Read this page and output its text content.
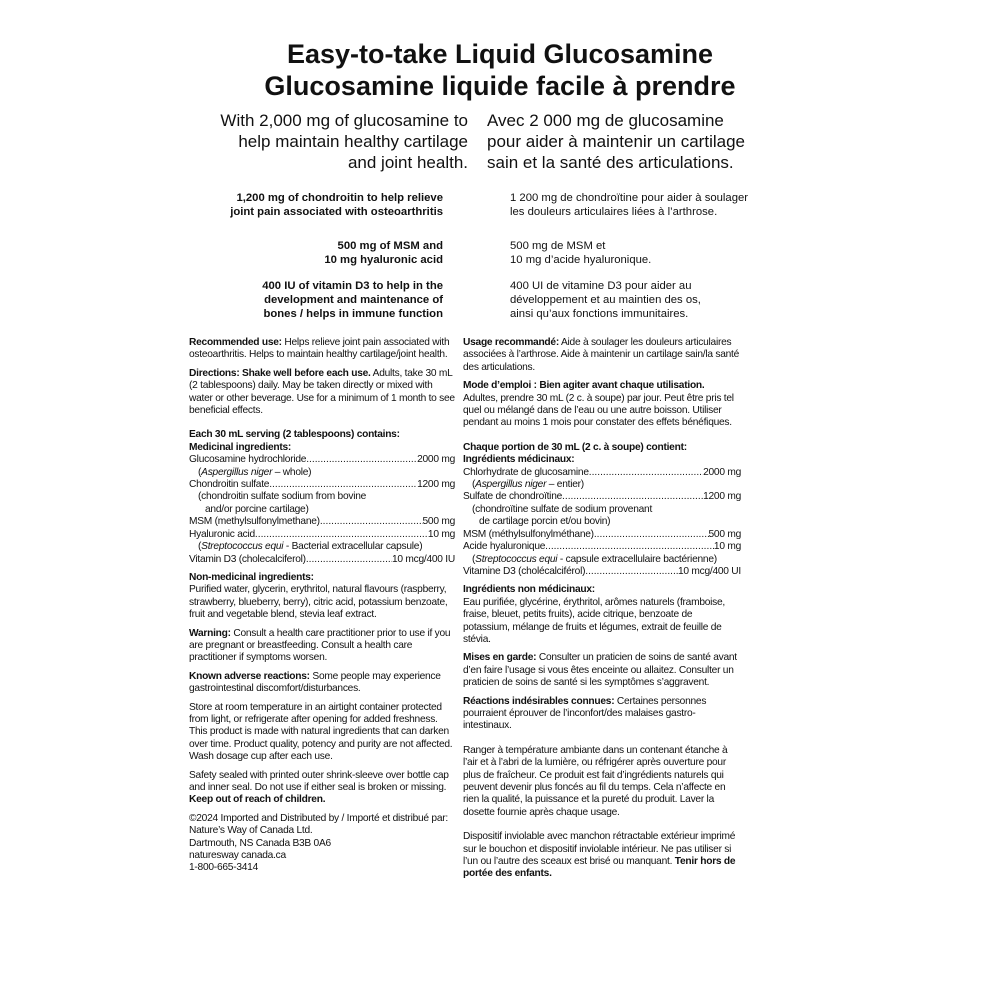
Easy-to-take Liquid Glucosamine

Glucosamine liquide facile à prendre

With 2,000 mg of glucosamine to
help maintain healthy cartilage
and joint health.

Avec 2 000 mg de glucosamine
pour aider à maintenir un cartilage
sain et la santé des articulations.

1,200 mg of chondroitin to help relieve
joint pain associated with osteoarthritis

500 mg of MSM and
10 mg hyaluronic acid

400 IU of vitamin D3 to help in the
development and maintenance of
bones / helps in immune function

1 200 mg de chondroïtine pour aider à soulager
les douleurs articulaires liées à l’arthrose.

500 mg de MSM et
10 mg d’acide hyaluronique.

400 UI de vitamine D3 pour aider au
développement et au maintien des os,
ainsi qu’aux fonctions immunitaires.

Recommended use: Helps relieve joint pain associated with osteoarthritis. Helps to maintain healthy cartilage/joint health.

Directions: Shake well before each use. Adults, take 30 mL (2 tablespoons) daily. May be taken directly or mixed with water or other beverage. Use for a minimum of 1 month to see beneficial effects.

Each 30 mL serving (2 tablespoons) contains:
Medicinal ingredients:
Glucosamine hydrochloride .....	2000 mg
(Aspergillus niger – whole)
Chondroitin sulfate .....	1200 mg
(chondroitin sulfate sodium from bovine
and/or porcine cartilage)
MSM (methylsulfonylmethane) .....	500 mg
Hyaluronic acid .....	10 mg
(Streptococcus equi - Bacterial extracellular capsule)
Vitamin D3 (cholecalciferol) .....	10 mcg/400 IU

Non-medicinal ingredients:
Purified water, glycerin, erythritol, natural flavours (raspberry, strawberry, blueberry, berry), citric acid, potassium benzoate, fruit and vegetable blend, stevia leaf extract.

Warning: Consult a health care practitioner prior to use if you are pregnant or breastfeeding. Consult a health care practitioner if symptoms worsen.

Known adverse reactions: Some people may experience gastrointestinal discomfort/disturbances.

Store at room temperature in an airtight container protected from light, or refrigerate after opening for added freshness. This product is made with natural ingredients that can darken over time. Product quality, potency and purity are not affected. Wash dosage cup after each use.

Safety sealed with printed outer shrink-sleeve over bottle cap and inner seal. Do not use if either seal is broken or missing. Keep out of reach of children.

©2024 Imported and Distributed by / Importé et distribué par:
Nature’s Way of Canada Ltd.
Dartmouth, NS Canada B3B 0A6
naturesway canada.ca
1-800-665-3414

Usage recommandé: Aide à soulager les douleurs articulaires associées à l’arthrose. Aide à maintenir un cartilage sain/la santé des articulations.

Mode d’emploi : Bien agiter avant chaque utilisation. Adultes, prendre 30 mL (2 c. à soupe) par jour. Peut être pris tel quel ou mélangé dans de l’eau ou une autre boisson. Utiliser pendant au moins 1 mois pour constater des effets bénéfiques.

Chaque portion de 30 mL (2 c. à soupe) contient:
Ingrédients médicinaux:
Chlorhydrate de glucosamine .....	2000 mg
(Aspergillus niger – entier)
Sulfate de chondroïtine .....	1200 mg
(chondroïtine sulfate de sodium provenant
de cartilage porcin et/ou bovin)
MSM (méthylsulfonylméthane) .....	500 mg
Acide hyaluronique .....	10 mg
(Streptococcus equi - capsule extracellulaire bactérienne)
Vitamine D3 (cholécalciférol) .....	10 mcg/400 UI

Ingrédients non médicinaux:
Eau purifiée, glycérine, érythritol, arômes naturels (framboise, fraise, bleuet, petits fruits), acide citrique, benzoate de potassium, mélange de fruits et légumes, extrait de feuille de stévia.

Mises en garde: Consulter un praticien de soins de santé avant d’en faire l’usage si vous êtes enceinte ou allaitez. Consulter un praticien de soins de santé si les symptômes s’aggravent.

Réactions indésirables connues: Certaines personnes pourraient éprouver de l’inconfort/des malaises gastro-intestinaux.

Ranger à température ambiante dans un contenant étanche à l’air et à l’abri de la lumière, ou réfrigérer après ouverture pour plus de fraîcheur. Ce produit est fait d’ingrédients naturels qui peuvent devenir plus foncés au fil du temps. Cela n’affecte en rien la qualité, la puissance et la pureté du produit. Laver la dosette fournie après chaque usage.

Dispositif inviolable avec manchon rétractable extérieur imprimé sur le bouchon et dispositif inviolable intérieur. Ne pas utiliser si l’un ou l’autre des sceaux est brisé ou manquant. Tenir hors de portée des enfants.
